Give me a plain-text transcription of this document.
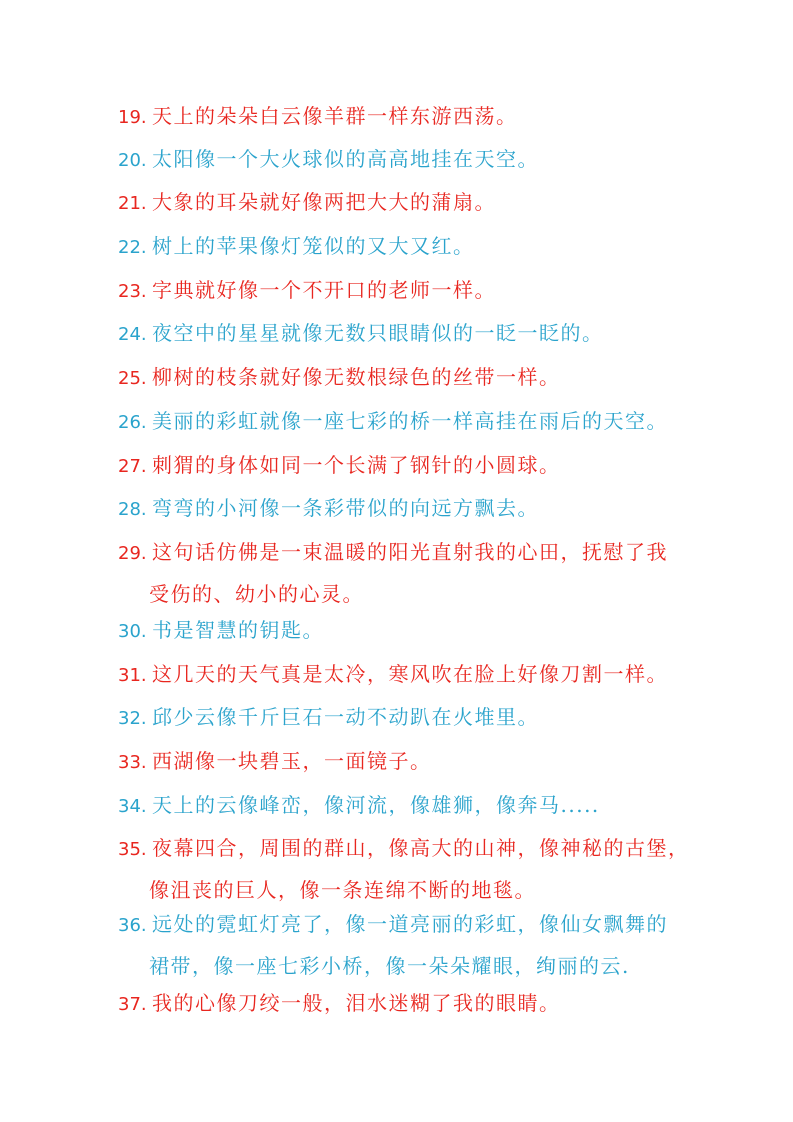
19. 天上的朵朵白云像羊群一样东游西荡。
20. 太阳像一个大火球似的高高地挂在天空。
21. 大象的耳朵就好像两把大大的蒲扇。
22. 树上的苹果像灯笼似的又大又红。
23. 字典就好像一个不开口的老师一样。
24. 夜空中的星星就像无数只眼睛似的一眨一眨的。
25. 柳树的枝条就好像无数根绿色的丝带一样。
26. 美丽的彩虹就像一座七彩的桥一样高挂在雨后的天空。
27. 刺猬的身体如同一个长满了钢针的小圆球。
28. 弯弯的小河像一条彩带似的向远方飘去。
29. 这句话仿佛是一束温暖的阳光直射我的心田，抚慰了我
受伤的、幼小的心灵。
30. 书是智慧的钥匙。
31. 这几天的天气真是太冷，寒风吹在脸上好像刀割一样。
32. 邱少云像千斤巨石一动不动趴在火堆里。
33. 西湖像一块碧玉，一面镜子。
34. 天上的云像峰峦，像河流，像雄狮，像奔马.....
35. 夜幕四合，周围的群山，像高大的山神，像神秘的古堡，
像沮丧的巨人，像一条连绵不断的地毯。
36. 远处的霓虹灯亮了，像一道亮丽的彩虹，像仙女飘舞的
裙带，像一座七彩小桥，像一朵朵耀眼，绚丽的云.
37. 我的心像刀绞一般，泪水迷糊了我的眼睛。
